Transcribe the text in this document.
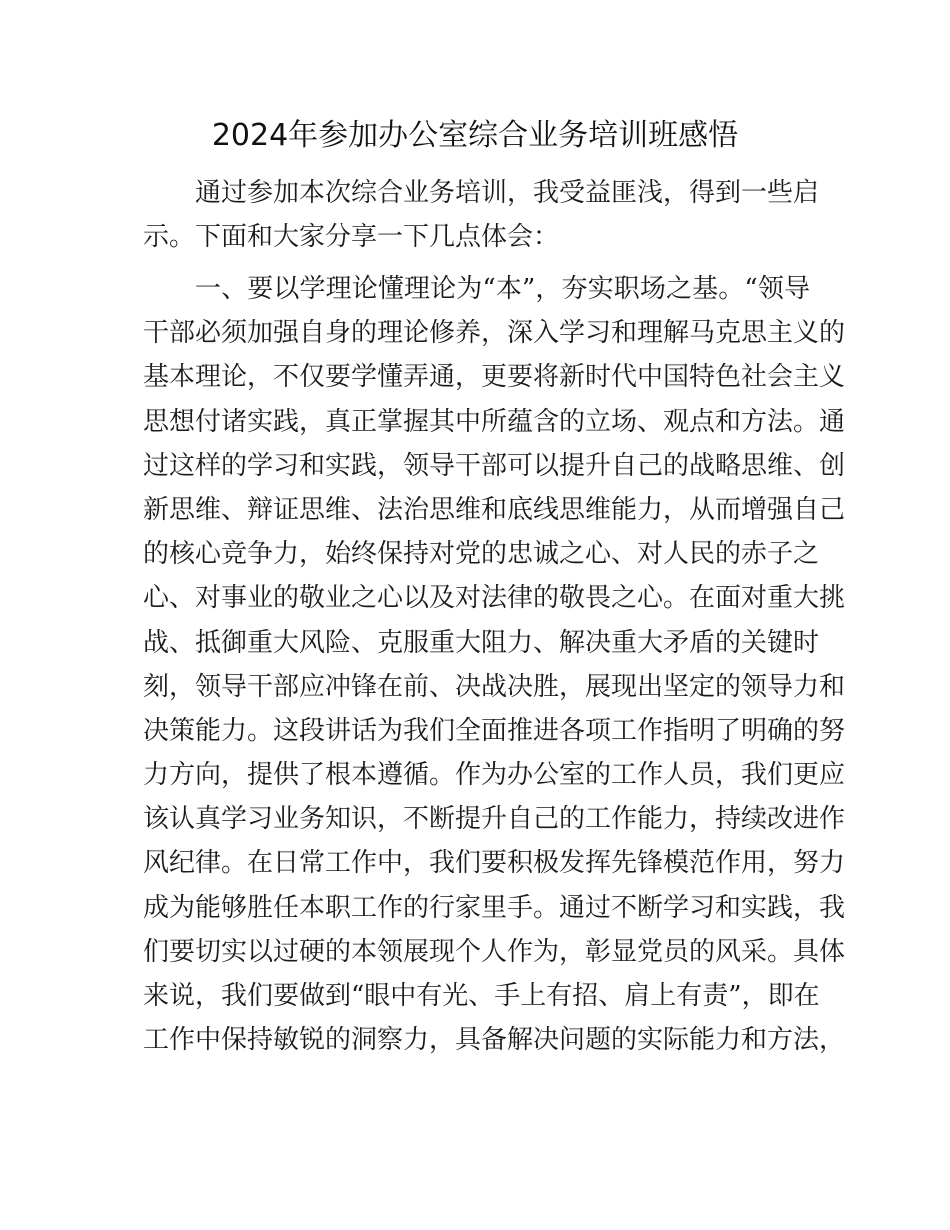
2024年参加办公室综合业务培训班感悟
通过参加本次综合业务培训，我受益匪浅，得到一些启
示。下面和大家分享一下几点体会：
一、要以学理论懂理论为“本”，夯实职场之基。“领导
干部必须加强自身的理论修养，深入学习和理解马克思主义的
基本理论，不仅要学懂弄通，更要将新时代中国特色社会主义
思想付诸实践，真正掌握其中所蕴含的立场、观点和方法。通
过这样的学习和实践，领导干部可以提升自己的战略思维、创
新思维、辩证思维、法治思维和底线思维能力，从而增强自己
的核心竞争力，始终保持对党的忠诚之心、对人民的赤子之
心、对事业的敬业之心以及对法律的敬畏之心。在面对重大挑
战、抵御重大风险、克服重大阻力、解决重大矛盾的关键时
刻，领导干部应冲锋在前、决战决胜，展现出坚定的领导力和
决策能力。这段讲话为我们全面推进各项工作指明了明确的努
力方向，提供了根本遵循。作为办公室的工作人员，我们更应
该认真学习业务知识，不断提升自己的工作能力，持续改进作
风纪律。在日常工作中，我们要积极发挥先锋模范作用，努力
成为能够胜任本职工作的行家里手。通过不断学习和实践，我
们要切实以过硬的本领展现个人作为，彰显党员的风采。具体
来说，我们要做到“眼中有光、手上有招、肩上有责”，即在
工作中保持敏锐的洞察力，具备解决问题的实际能力和方法，
